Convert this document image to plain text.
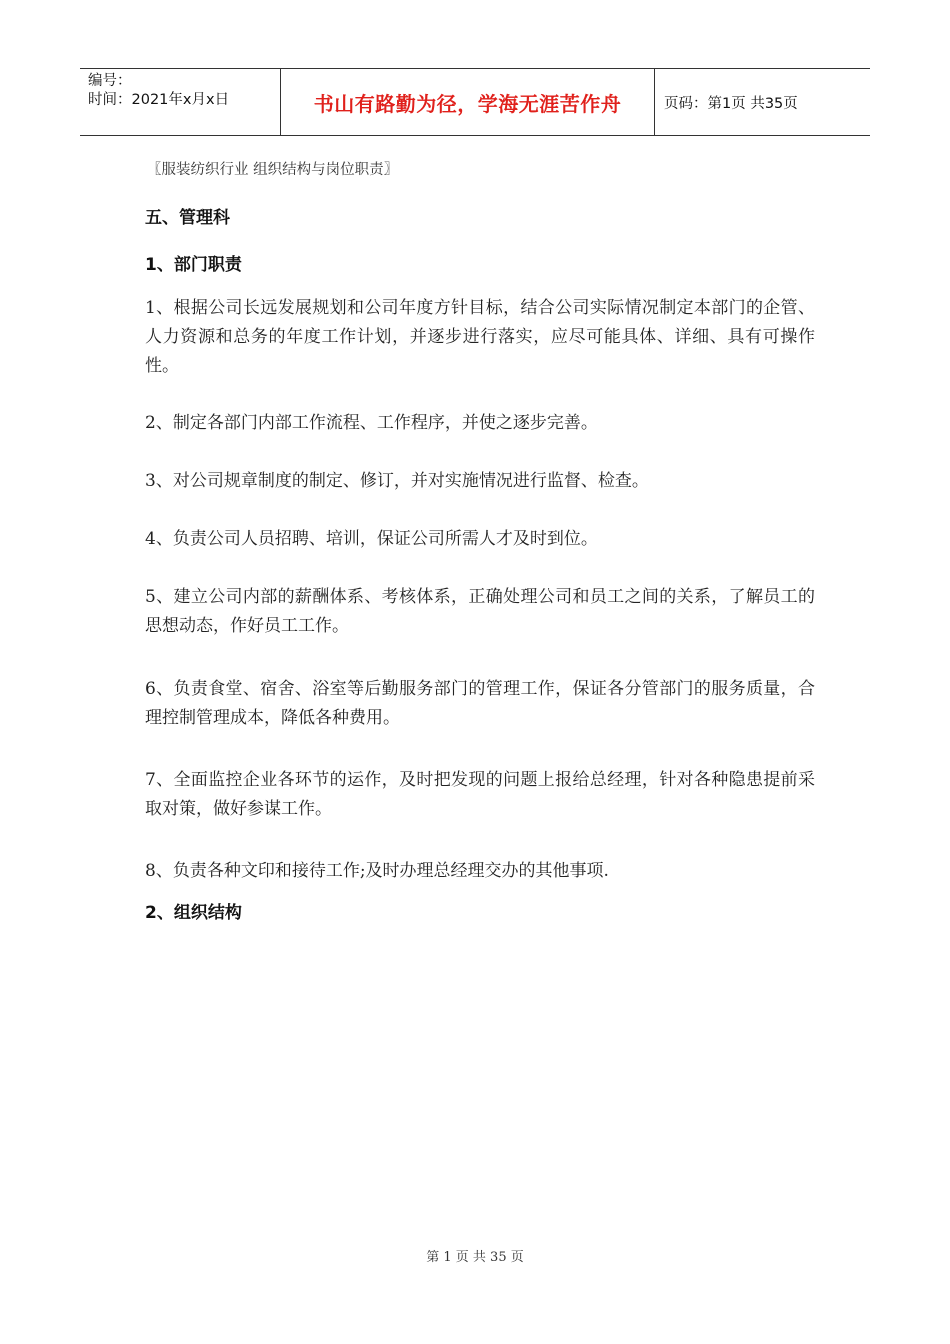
编号：
时间：2021年x月x日	书山有路勤为径，学海无涯苦作舟	页码：第1页 共35页
〖服装纺织行业 组织结构与岗位职责〗
五、管理科
1、部门职责

1、根据公司长远发展规划和公司年度方针目标，结合公司实际情况制定本部门的企管、人力资源和总务的年度工作计划，并逐步进行落实，应尽可能具体、详细、具有可操作性。

2、制定各部门内部工作流程、工作程序，并使之逐步完善。

3、对公司规章制度的制定、修订，并对实施情况进行监督、检查。

4、负责公司人员招聘、培训，保证公司所需人才及时到位。

5、建立公司内部的薪酬体系、考核体系，正确处理公司和员工之间的关系，了解员工的思想动态，作好员工工作。

6、负责食堂、宿舍、浴室等后勤服务部门的管理工作，保证各分管部门的服务质量，合理控制管理成本，降低各种费用。

7、全面监控企业各环节的运作，及时把发现的问题上报给总经理，针对各种隐患提前采取对策，做好参谋工作。

8、负责各种文印和接待工作;及时办理总经理交办的其他事项.

2、组织结构
第 1 页 共 35 页
